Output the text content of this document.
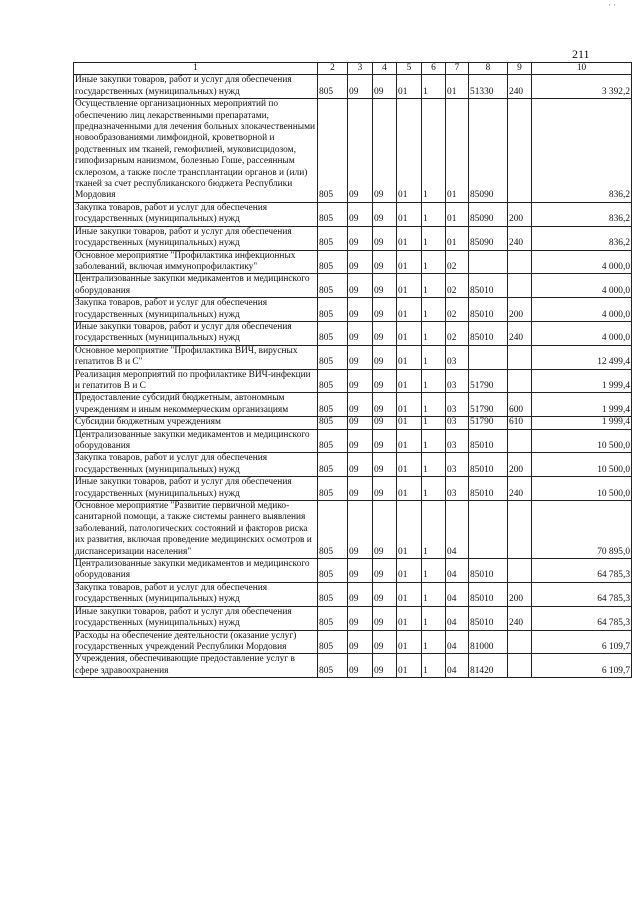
211
· ·
1	2	3	4	5	6	7	8	9	10
Иные закупки товаров, работ и услуг для обеспечения государственных (муниципальных) нужд	805	09	09	01	1	01	51330	240	3 392,2
Осуществление организационных мероприятий по обеспечению лиц лекарственными препаратами, предназначенными для лечения больных злокачественными новообразованиями лимфоидной, кроветворной и родственных им тканей, гемофилией, муковисцидозом, гипофизарным нанизмом, болезнью Гоше, рассеянным склерозом, а также после трансплантации органов и (или) тканей за счет республиканского бюджета Республики Мордовия	805	09	09	01	1	01	85090		836,2
Закупка товаров, работ и услуг для обеспечения государственных (муниципальных) нужд	805	09	09	01	1	01	85090	200	836,2
Иные закупки товаров, работ и услуг для обеспечения государственных (муниципальных) нужд	805	09	09	01	1	01	85090	240	836,2
Основное мероприятие "Профилактика инфекционных заболеваний, включая иммунопрофилактику"	805	09	09	01	1	02			4 000,0
Централизованные закупки медикаментов и медицинского оборудования	805	09	09	01	1	02	85010		4 000,0
Закупка товаров, работ и услуг для обеспечения государственных (муниципальных) нужд	805	09	09	01	1	02	85010	200	4 000,0
Иные закупки товаров, работ и услуг для обеспечения государственных (муниципальных) нужд	805	09	09	01	1	02	85010	240	4 000,0
Основное мероприятие "Профилактика ВИЧ, вирусных гепатитов В и С"	805	09	09	01	1	03			12 499,4
Реализация мероприятий по профилактике ВИЧ-инфекции и гепатитов В и С	805	09	09	01	1	03	51790		1 999,4
Предоставление субсидий бюджетным, автономным учреждениям и иным некоммерческим организациям	805	09	09	01	1	03	51790	600	1 999,4
Субсидии бюджетным учреждениям	805	09	09	01	1	03	51790	610	1 999,4
Централизованные закупки медикаментов и медицинского оборудования	805	09	09	01	1	03	85010		10 500,0
Закупка товаров, работ и услуг для обеспечения государственных (муниципальных) нужд	805	09	09	01	1	03	85010	200	10 500,0
Иные закупки товаров, работ и услуг для обеспечения государственных (муниципальных) нужд	805	09	09	01	1	03	85010	240	10 500,0
Основное мероприятие "Развитие первичной медико-санитарной помощи, а также системы раннего выявления заболеваний, патологических состояний и факторов риска их развития, включая проведение медицинских осмотров и диспансеризации населения"	805	09	09	01	1	04			70 895,0
Централизованные закупки медикаментов и медицинского оборудования	805	09	09	01	1	04	85010		64 785,3
Закупка товаров, работ и услуг для обеспечения государственных (муниципальных) нужд	805	09	09	01	1	04	85010	200	64 785,3
Иные закупки товаров, работ и услуг для обеспечения государственных (муниципальных) нужд	805	09	09	01	1	04	85010	240	64 785,3
Расходы на обеспечение деятельности (оказание услуг) государственных учреждений Республики Мордовия	805	09	09	01	1	04	81000		6 109,7
Учреждения, обеспечивающие предоставление услуг в сфере здравоохранения	805	09	09	01	1	04	81420		6 109,7
